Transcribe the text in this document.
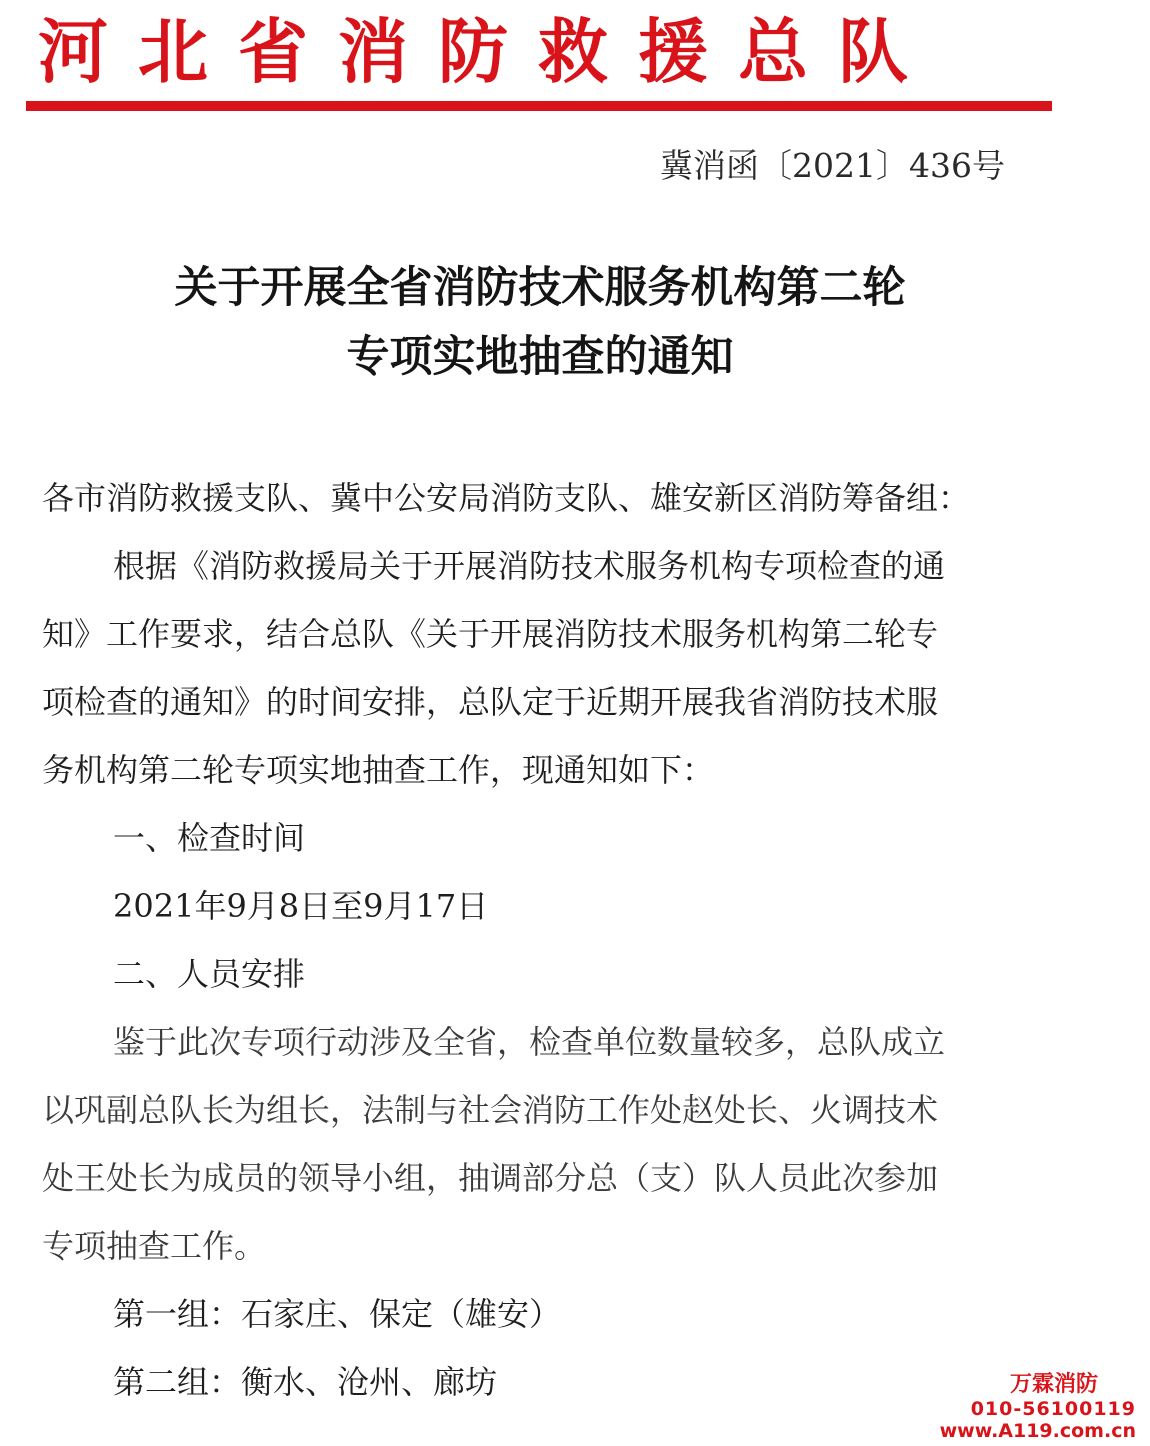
河北省消防救援总队
冀消函〔2021〕436号
关于开展全省消防技术服务机构第二轮
专项实地抽查的通知
各市消防救援支队、冀中公安局消防支队、雄安新区消防筹备组：
根据《消防救援局关于开展消防技术服务机构专项检查的通
知》工作要求，结合总队《关于开展消防技术服务机构第二轮专
项检查的通知》的时间安排，总队定于近期开展我省消防技术服
务机构第二轮专项实地抽查工作，现通知如下：
一、检查时间
2021年9月8日至9月17日
二、人员安排
鉴于此次专项行动涉及全省，检查单位数量较多，总队成立
以巩副总队长为组长，法制与社会消防工作处赵处长、火调技术
处王处长为成员的领导小组，抽调部分总（支）队人员此次参加
专项抽查工作。
第一组：石家庄、保定（雄安）
第二组：衡水、沧州、廊坊	万霖消防
010-56100119
www.A119.com.cn
